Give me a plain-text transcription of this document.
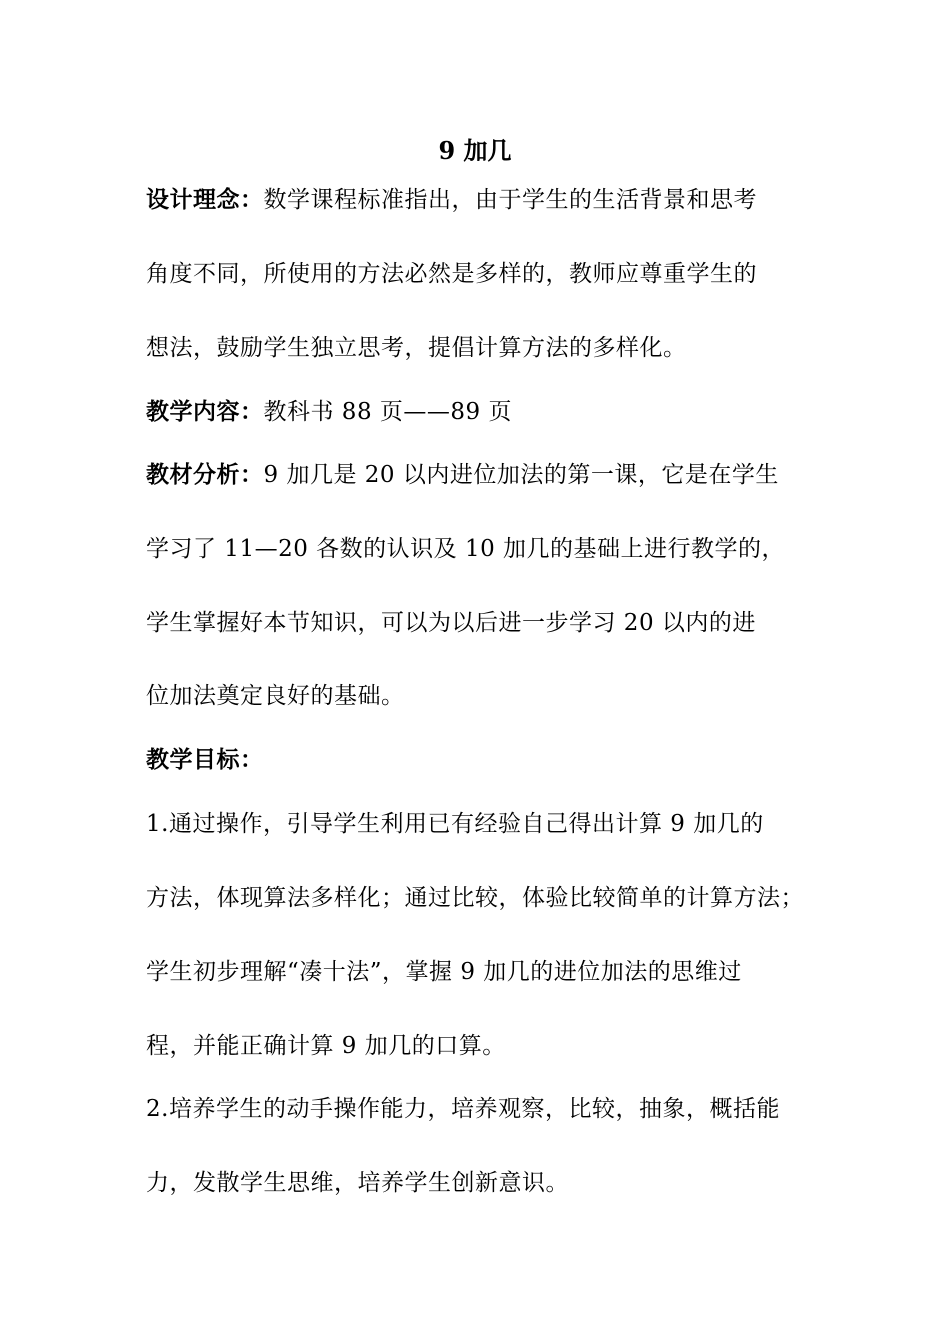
9 加几
设计理念：数学课程标准指出，由于学生的生活背景和思考
角度不同，所使用的方法必然是多样的，教师应尊重学生的
想法，鼓励学生独立思考，提倡计算方法的多样化。
教学内容：教科书 88 页——89 页
教材分析：9 加几是 20 以内进位加法的第一课，它是在学生
学习了 11—20 各数的认识及 10 加几的基础上进行教学的，
学生掌握好本节知识，可以为以后进一步学习 20 以内的进
位加法奠定良好的基础。
教学目标：
1.通过操作，引导学生利用已有经验自己得出计算 9 加几的
方法，体现算法多样化；通过比较，体验比较简单的计算方法；
学生初步理解“凑十法”，掌握 9 加几的进位加法的思维过
程，并能正确计算 9 加几的口算。
2.培养学生的动手操作能力，培养观察，比较，抽象，概括能
力，发散学生思维，培养学生创新意识。
